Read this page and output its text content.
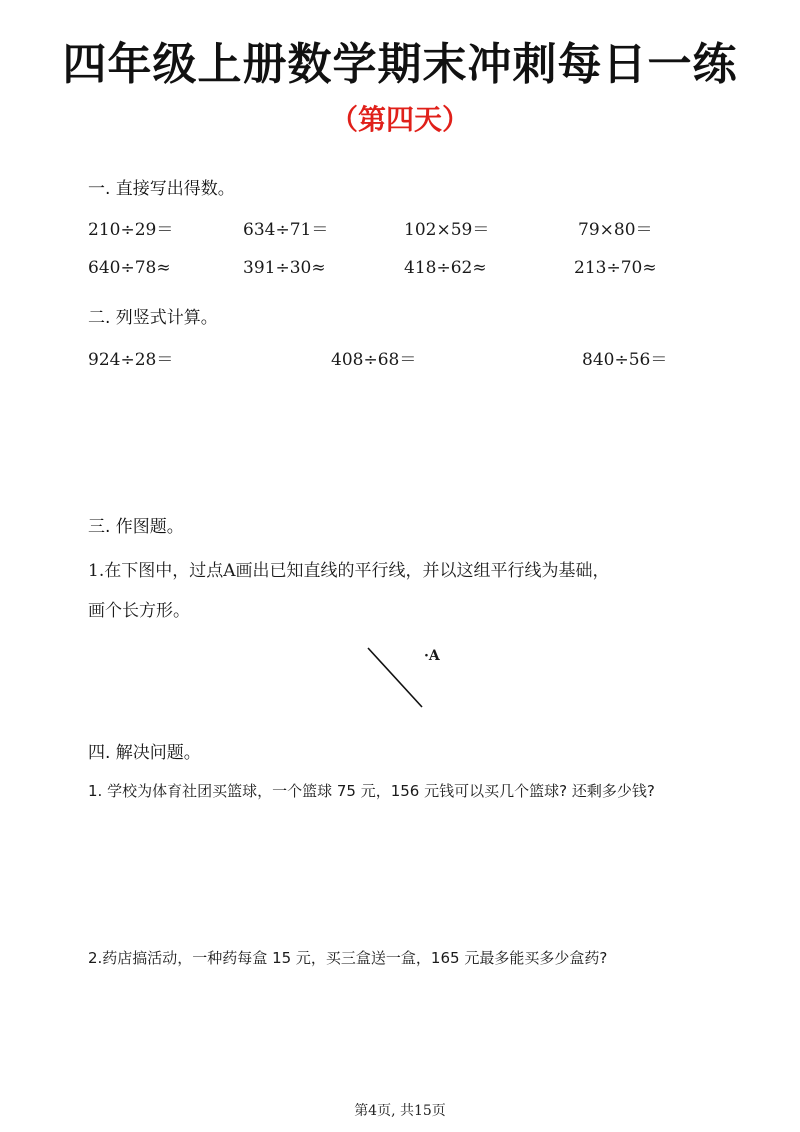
四年级上册数学期末冲刺每日一练
（第四天）
一. 直接写出得数。
210÷29＝	634÷71＝	102×59＝	79×80＝
640÷78≈	391÷30≈	418÷62≈	213÷70≈
二. 列竖式计算。
924÷28＝	408÷68＝	840÷56＝
三. 作图题。
1.在下图中，过点A画出已知直线的平行线，并以这组平行线为基础，
画个长方形。
·A
四. 解决问题。
1. 学校为体育社团买篮球，一个篮球 75 元，156 元钱可以买几个篮球? 还剩多少钱?
2.药店搞活动，一种药每盒 15 元，买三盒送一盒，165 元最多能买多少盒药?
第4页, 共15页
